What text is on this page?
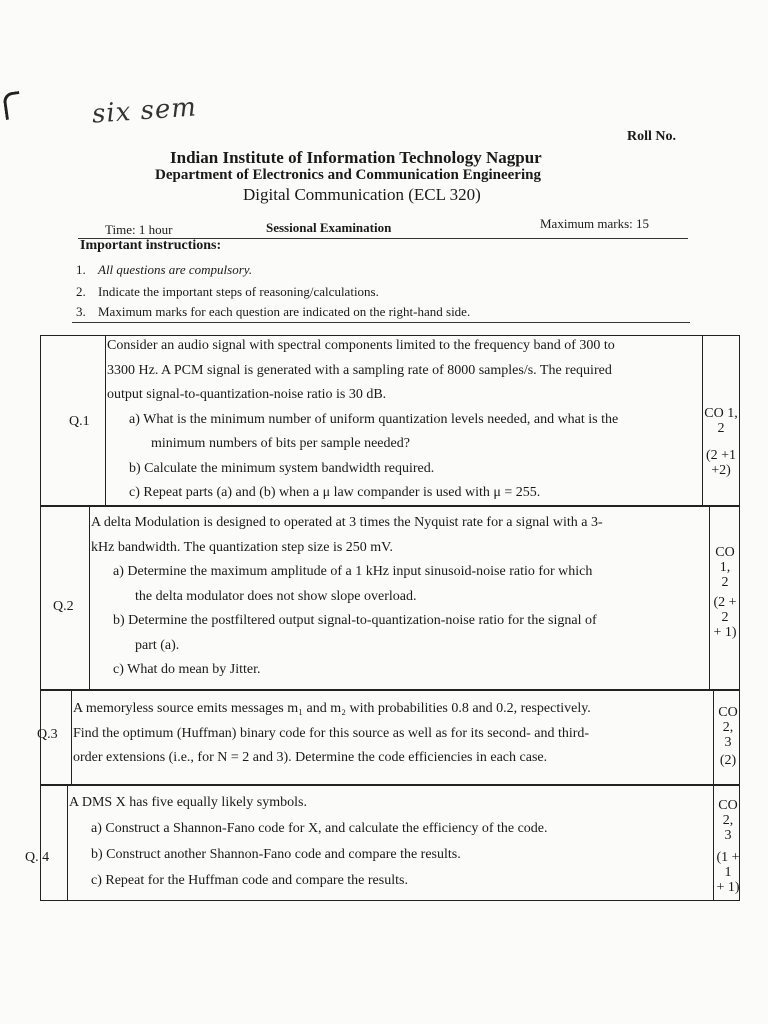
six sem
Roll No.
Indian Institute of Information Technology Nagpur
Department of Electronics and Communication Engineering
Digital Communication (ECL 320)
Time: 1 hour	Sessional Examination	Maximum marks: 15
Important instructions:
1. All questions are compulsory.
2. Indicate the important steps of reasoning/calculations.
3. Maximum marks for each question are indicated on the right-hand side.
Q.1

Consider an audio signal with spectral components limited to the frequency band of 300 to

3300 Hz. A PCM signal is generated with a sampling rate of 8000 samples/s. The required

output signal-to-quantization-noise ratio is 30 dB.

a) What is the minimum number of uniform quantization levels needed, and what is the

minimum numbers of bits per sample needed?

b) Calculate the minimum system bandwidth required.

c) Repeat parts (a) and (b) when a μ law compander is used with μ = 255.

CO 1,
2
(2 +1
+2)
Q.2

A delta Modulation is designed to operated at 3 times the Nyquist rate for a signal with a 3-

kHz bandwidth. The quantization step size is 250 mV.

a) Determine the maximum amplitude of a 1 kHz input sinusoid-noise ratio for which

the delta modulator does not show slope overload.

b) Determine the postfiltered output signal-to-quantization-noise ratio for the signal of

part (a).

c) What do mean by Jitter.

CO 1,
2
(2 + 2
+ 1)
Q.3

A memoryless source emits messages m₁ and m₂ with probabilities 0.8 and 0.2, respectively.

Find the optimum (Huffman) binary code for this source as well as for its second- and third-

order extensions (i.e., for N = 2 and 3). Determine the code efficiencies in each case.

CO 2,
3
(2)
Q. 4

A DMS X has five equally likely symbols.

a) Construct a Shannon-Fano code for X, and calculate the efficiency of the code.

b) Construct another Shannon-Fano code and compare the results.

c) Repeat for the Huffman code and compare the results.

CO 2,
3
(1 + 1
+ 1)
